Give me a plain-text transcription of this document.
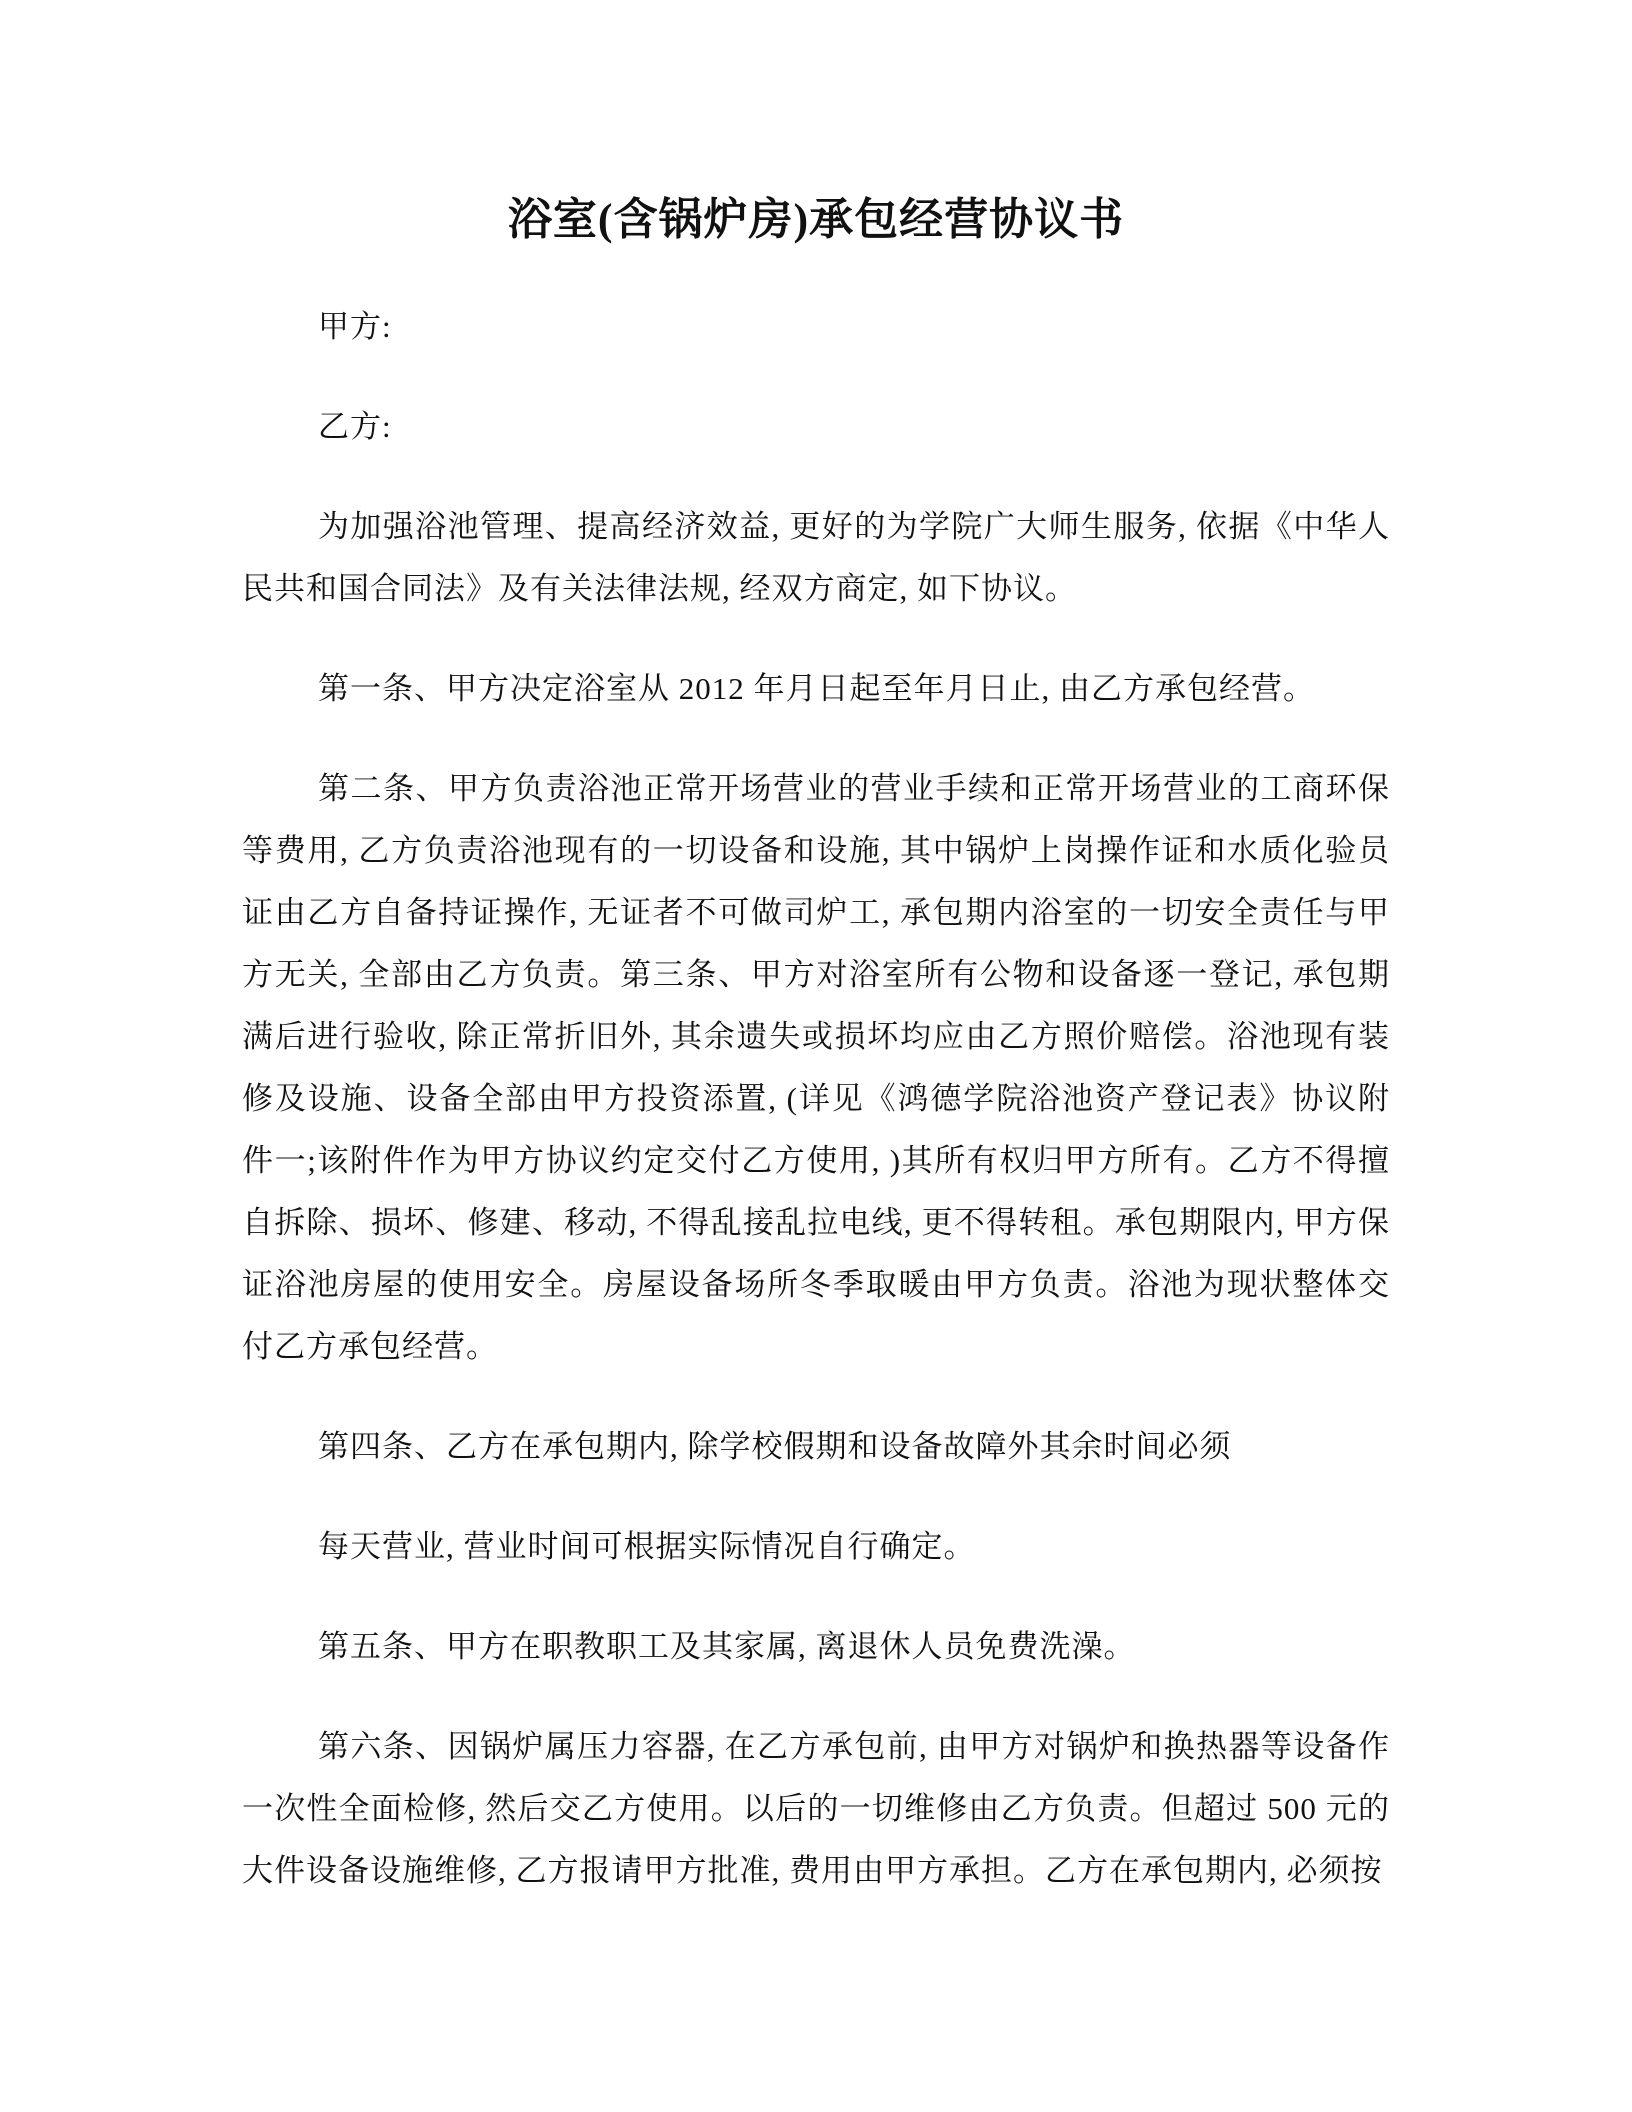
浴室(含锅炉房)承包经营协议书

甲方:

乙方:

为加强浴池管理、提高经济效益, 更好的为学院广大师生服务, 依据《中华人民共和国合同法》及有关法律法规, 经双方商定, 如下协议。

第一条、甲方决定浴室从 2012 年月日起至年月日止, 由乙方承包经营。

第二条、甲方负责浴池正常开场营业的营业手续和正常开场营业的工商环保等费用, 乙方负责浴池现有的一切设备和设施, 其中锅炉上岗操作证和水质化验员证由乙方自备持证操作, 无证者不可做司炉工, 承包期内浴室的一切安全责任与甲方无关, 全部由乙方负责。第三条、甲方对浴室所有公物和设备逐一登记, 承包期满后进行验收, 除正常折旧外, 其余遗失或损坏均应由乙方照价赔偿。浴池现有装修及设施、设备全部由甲方投资添置, (详见《鸿德学院浴池资产登记表》协议附件一;该附件作为甲方协议约定交付乙方使用, )其所有权归甲方所有。乙方不得擅自拆除、损坏、修建、移动, 不得乱接乱拉电线, 更不得转租。承包期限内, 甲方保证浴池房屋的使用安全。房屋设备场所冬季取暖由甲方负责。浴池为现状整体交付乙方承包经营。

第四条、乙方在承包期内, 除学校假期和设备故障外其余时间必须

每天营业, 营业时间可根据实际情况自行确定。

第五条、甲方在职教职工及其家属, 离退休人员免费洗澡。

第六条、因锅炉属压力容器, 在乙方承包前, 由甲方对锅炉和换热器等设备作一次性全面检修, 然后交乙方使用。以后的一切维修由乙方负责。但超过 500 元的大件设备设施维修, 乙方报请甲方批准, 费用由甲方承担。乙方在承包期内, 必须按
